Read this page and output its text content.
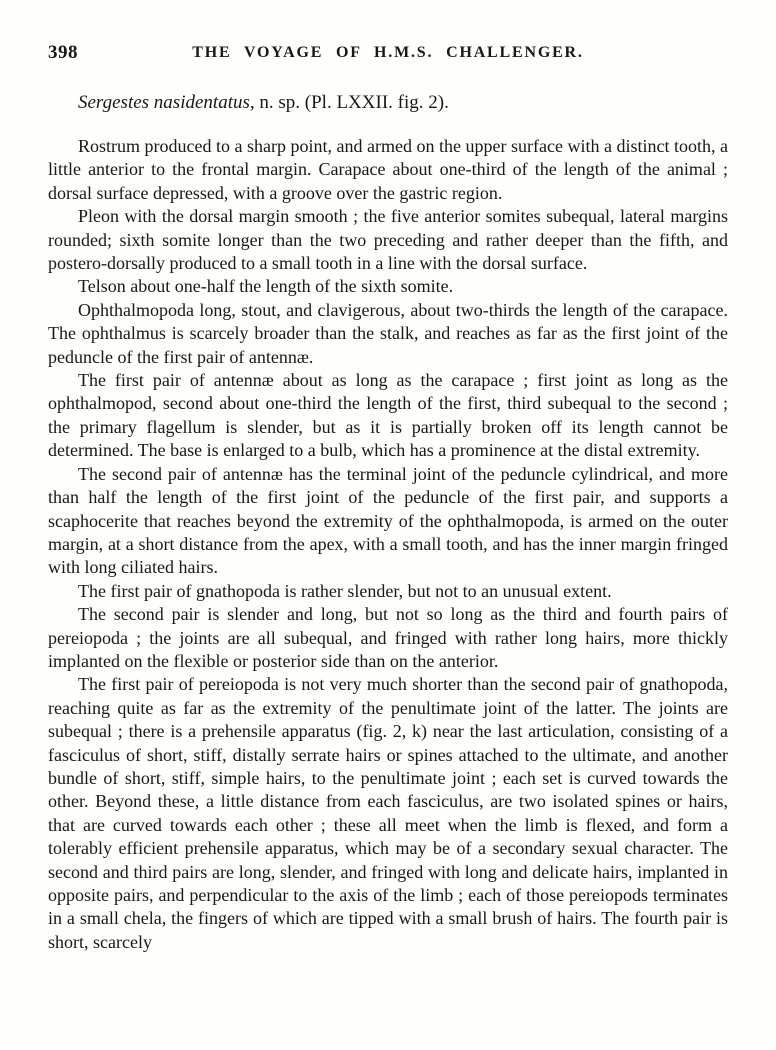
398	THE VOYAGE OF H.M.S. CHALLENGER.

Sergestes nasidentatus, n. sp. (Pl. LXXII. fig. 2).

Rostrum produced to a sharp point, and armed on the upper surface with a distinct tooth, a little anterior to the frontal margin. Carapace about one-third of the length of the animal ; dorsal surface depressed, with a groove over the gastric region.

Pleon with the dorsal margin smooth ; the five anterior somites subequal, lateral margins rounded; sixth somite longer than the two preceding and rather deeper than the fifth, and postero-dorsally produced to a small tooth in a line with the dorsal surface.

Telson about one-half the length of the sixth somite.

Ophthalmopoda long, stout, and clavigerous, about two-thirds the length of the carapace. The ophthalmus is scarcely broader than the stalk, and reaches as far as the first joint of the peduncle of the first pair of antennæ.

The first pair of antennæ about as long as the carapace ; first joint as long as the ophthalmopod, second about one-third the length of the first, third subequal to the second ; the primary flagellum is slender, but as it is partially broken off its length cannot be determined. The base is enlarged to a bulb, which has a prominence at the distal extremity.

The second pair of antennæ has the terminal joint of the peduncle cylindrical, and more than half the length of the first joint of the peduncle of the first pair, and supports a scaphocerite that reaches beyond the extremity of the ophthalmopoda, is armed on the outer margin, at a short distance from the apex, with a small tooth, and has the inner margin fringed with long ciliated hairs.

The first pair of gnathopoda is rather slender, but not to an unusual extent.

The second pair is slender and long, but not so long as the third and fourth pairs of pereiopoda ; the joints are all subequal, and fringed with rather long hairs, more thickly implanted on the flexible or posterior side than on the anterior.

The first pair of pereiopoda is not very much shorter than the second pair of gnathopoda, reaching quite as far as the extremity of the penultimate joint of the latter. The joints are subequal ; there is a prehensile apparatus (fig. 2, k) near the last articulation, consisting of a fasciculus of short, stiff, distally serrate hairs or spines attached to the ultimate, and another bundle of short, stiff, simple hairs, to the penultimate joint ; each set is curved towards the other. Beyond these, a little distance from each fasciculus, are two isolated spines or hairs, that are curved towards each other ; these all meet when the limb is flexed, and form a tolerably efficient prehensile apparatus, which may be of a secondary sexual character. The second and third pairs are long, slender, and fringed with long and delicate hairs, implanted in opposite pairs, and perpendicular to the axis of the limb ; each of those pereiopods terminates in a small chela, the fingers of which are tipped with a small brush of hairs. The fourth pair is short, scarcely
